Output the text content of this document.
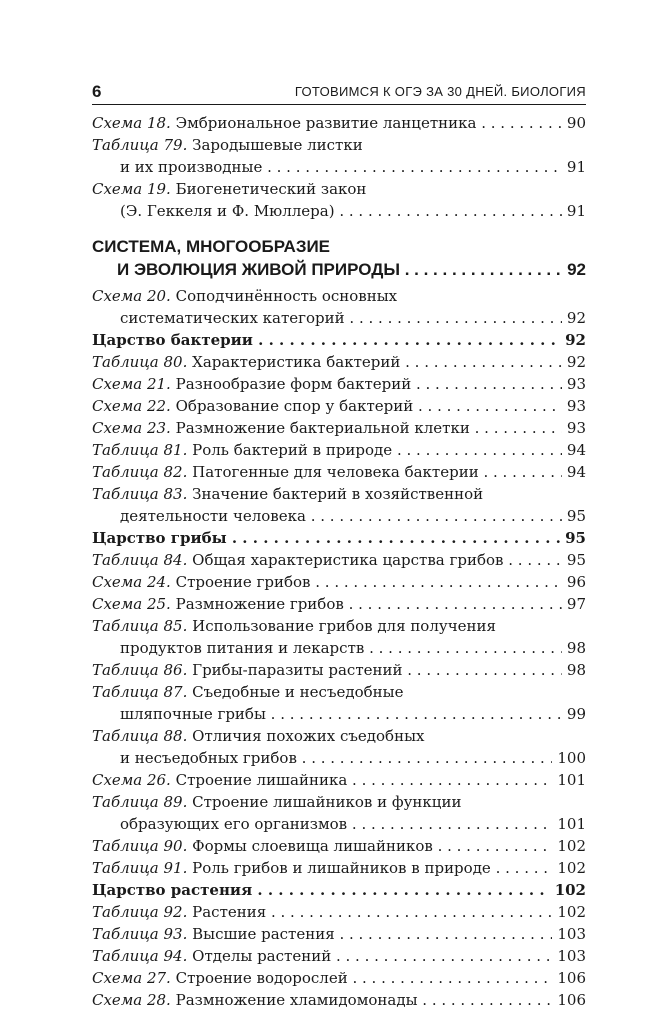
6	ГОТОВИМСЯ К ОГЭ ЗА 30 ДНЕЙ. БИОЛОГИЯ
Схема 18. Эмбриональное развитие ланцетника . . .	90
Таблица 79. Зародышевые листки
и их производные . . .	91
Схема 19. Биогенетический закон
(Э. Геккеля и Ф. Мюллера) . . .	91
СИСТЕМА, МНОГООБРАЗИЕ
И ЭВОЛЮЦИЯ ЖИВОЙ ПРИРОДЫ . . .	92
Схема 20. Соподчинённость основных
систематических категорий . . .	92
Царство бактерии . . .	92
Таблица 80. Характеристика бактерий . . .	92
Схема 21. Разнообразие форм бактерий . . .	93
Схема 22. Образование спор у бактерий . . .	93
Схема 23. Размножение бактериальной клетки . . .	93
Таблица 81. Роль бактерий в природе . . .	94
Таблица 82. Патогенные для человека бактерии . . .	94
Таблица 83. Значение бактерий в хозяйственной
деятельности человека . . .	95
Царство грибы . . .	95
Таблица 84. Общая характеристика царства грибов . . .	95
Схема 24. Строение грибов . . .	96
Схема 25. Размножение грибов . . .	97
Таблица 85. Использование грибов для получения
продуктов питания и лекарств . . .	98
Таблица 86. Грибы-паразиты растений . . .	98
Таблица 87. Съедобные и несъедобные
шляпочные грибы . . .	99
Таблица 88. Отличия похожих съедобных
и несъедобных грибов . . .	100
Схема 26. Строение лишайника . . .	101
Таблица 89. Строение лишайников и функции
образующих его организмов . . .	101
Таблица 90. Формы слоевища лишайников . . .	102
Таблица 91. Роль грибов и лишайников в природе . . .	102
Царство растения . . .	102
Таблица 92. Растения . . .	102
Таблица 93. Высшие растения . . .	103
Таблица 94. Отделы растений . . .	103
Схема 27. Строение водорослей . . .	106
Схема 28. Размножение хламидомонады . . .	106
